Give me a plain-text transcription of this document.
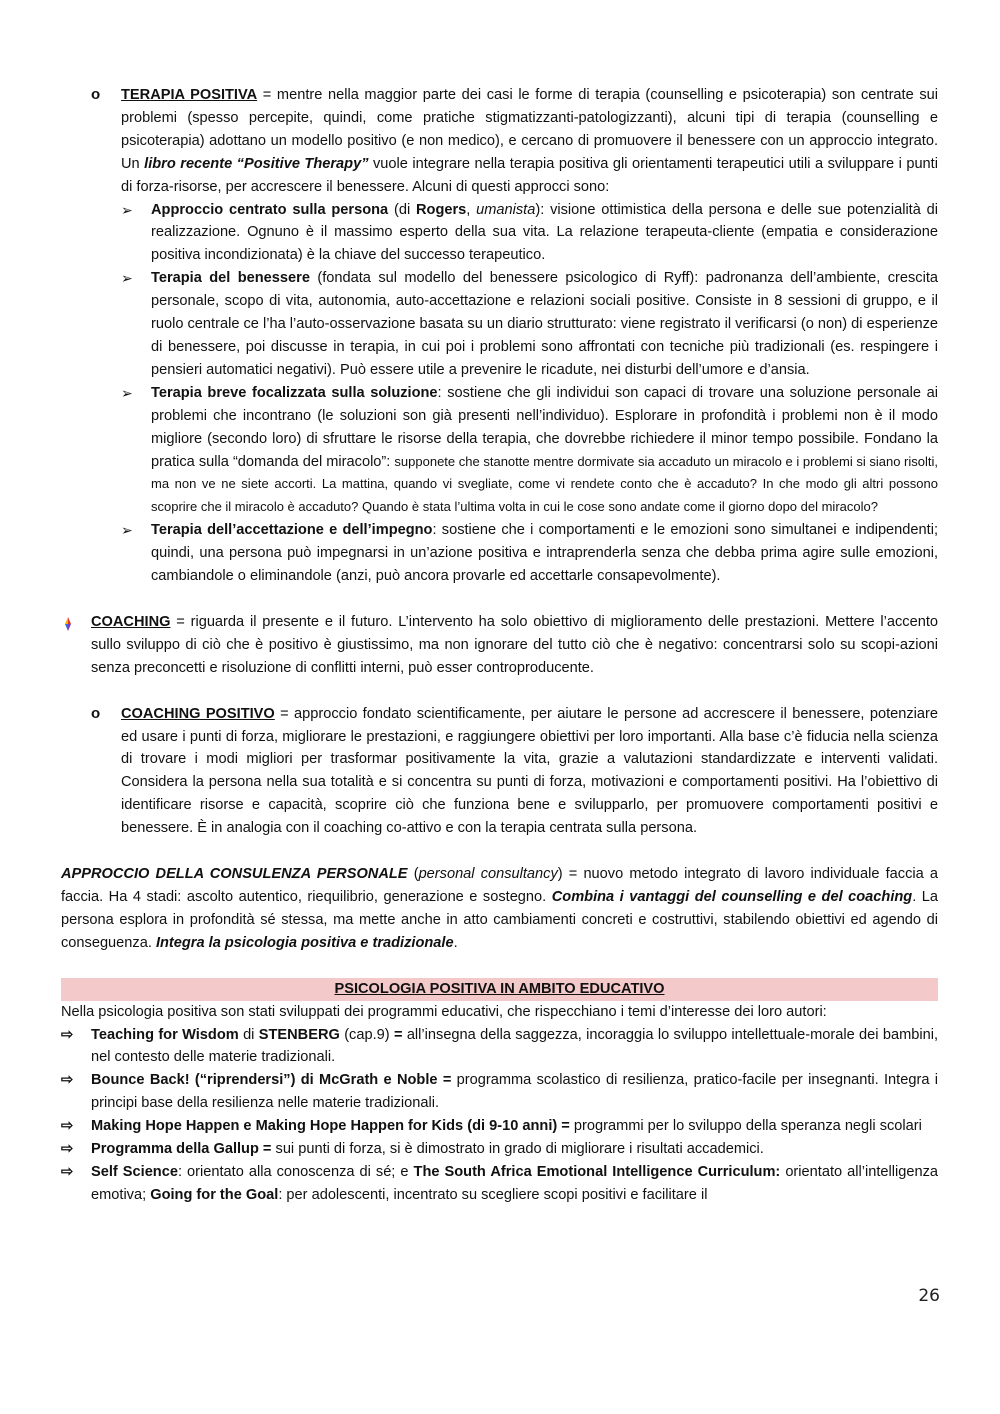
o TERAPIA POSITIVA = mentre nella maggior parte dei casi le forme di terapia (counselling e psicoterapia) son centrate sui problemi (spesso percepite, quindi, come pratiche stigmatizzanti-patologizzanti), alcuni tipi di terapia (counselling e psicoterapia) adottano un modello positivo (e non medico), e cercano di promuovere il benessere con un approccio integrato. Un libro recente “Positive Therapy” vuole integrare nella terapia positiva gli orientamenti terapeutici utili a sviluppare i punti di forza-risorse, per accrescere il benessere. Alcuni di questi approcci sono:

➢ Approccio centrato sulla persona (di Rogers, umanista): visione ottimistica della persona e delle sue potenzialità di realizzazione. Ognuno è il massimo esperto della sua vita. La relazione terapeuta-cliente (empatia e considerazione positiva incondizionata) è la chiave del successo terapeutico.

➢ Terapia del benessere (fondata sul modello del benessere psicologico di Ryff): padronanza dell’ambiente, crescita personale, scopo di vita, autonomia, auto-accettazione e relazioni sociali positive. Consiste in 8 sessioni di gruppo, e il ruolo centrale ce l’ha l’auto-osservazione basata su un diario strutturato: viene registrato il verificarsi (o non) di esperienze di benessere, poi discusse in terapia, in cui poi i problemi sono affrontati con tecniche più tradizionali (es. respingere i pensieri automatici negativi). Può essere utile a prevenire le ricadute, nei disturbi dell’umore e d’ansia.

➢ Terapia breve focalizzata sulla soluzione: sostiene che gli individui son capaci di trovare una soluzione personale ai problemi che incontrano (le soluzioni son già presenti nell’individuo). Esplorare in profondità i problemi non è il modo migliore (secondo loro) di sfruttare le risorse della terapia, che dovrebbe richiedere il minor tempo possibile. Fondano la pratica sulla “domanda del miracolo”: supponete che stanotte mentre dormivate sia accaduto un miracolo e i problemi si siano risolti, ma non ve ne siete accorti. La mattina, quando vi svegliate, come vi rendete conto che è accaduto? In che modo gli altri possono scoprire che il miracolo è accaduto? Quando è stata l’ultima volta in cui le cose sono andate come il giorno dopo del miracolo?

➢ Terapia dell’accettazione e dell’impegno: sostiene che i comportamenti e le emozioni sono simultanei e indipendenti; quindi, una persona può impegnarsi in un’azione positiva e intraprenderla senza che debba prima agire sulle emozioni, cambiandole o eliminandole (anzi, può ancora provarle ed accettarle consapevolmente).

COACHING = riguarda il presente e il futuro. L’intervento ha solo obiettivo di miglioramento delle prestazioni. Mettere l’accento sullo sviluppo di ciò che è positivo è giustissimo, ma non ignorare del tutto ciò che è negativo: concentrarsi solo su scopi-azioni senza preconcetti e risoluzione di conflitti interni, può esser controproducente.

o COACHING POSITIVO = approccio fondato scientificamente, per aiutare le persone ad accrescere il benessere, potenziare ed usare i punti di forza, migliorare le prestazioni, e raggiungere obiettivi per loro importanti. Alla base c’è fiducia nella scienza di trovare i modi migliori per trasformar positivamente la vita, grazie a valutazioni standardizzate e interventi validati. Considera la persona nella sua totalità e si concentra su punti di forza, motivazioni e comportamenti positivi. Ha l’obiettivo di identificare risorse e capacità, scoprire ciò che funziona bene e svilupparlo, per promuovere comportamenti positivi e benessere. È in analogia con il coaching co-attivo e con la terapia centrata sulla persona.

APPROCCIO DELLA CONSULENZA PERSONALE (personal consultancy) = nuovo metodo integrato di lavoro individuale faccia a faccia. Ha 4 stadi: ascolto autentico, riequilibrio, generazione e sostegno. Combina i vantaggi del counselling e del coaching. La persona esplora in profondità sé stessa, ma mette anche in atto cambiamenti concreti e costruttivi, stabilendo obiettivi ed agendo di conseguenza. Integra la psicologia positiva e tradizionale.

PSICOLOGIA POSITIVA IN AMBITO EDUCATIVO

Nella psicologia positiva son stati sviluppati dei programmi educativi, che rispecchiano i temi d’interesse dei loro autori:

⇨ Teaching for Wisdom di STENBERG (cap.9) = all’insegna della saggezza, incoraggia lo sviluppo intellettuale-morale dei bambini, nel contesto delle materie tradizionali.

⇨ Bounce Back! (“riprendersi”) di McGrath e Noble = programma scolastico di resilienza, pratico-facile per insegnanti. Integra i principi base della resilienza nelle materie tradizionali.

⇨ Making Hope Happen e Making Hope Happen for Kids (di 9-10 anni) = programmi per lo sviluppo della speranza negli scolari

⇨ Programma della Gallup = sui punti di forza, si è dimostrato in grado di migliorare i risultati accademici.

⇨ Self Science: orientato alla conoscenza di sé; e The South Africa Emotional Intelligence Curriculum: orientato all’intelligenza emotiva; Going for the Goal: per adolescenti, incentrato su scegliere scopi positivi e facilitare il

26
